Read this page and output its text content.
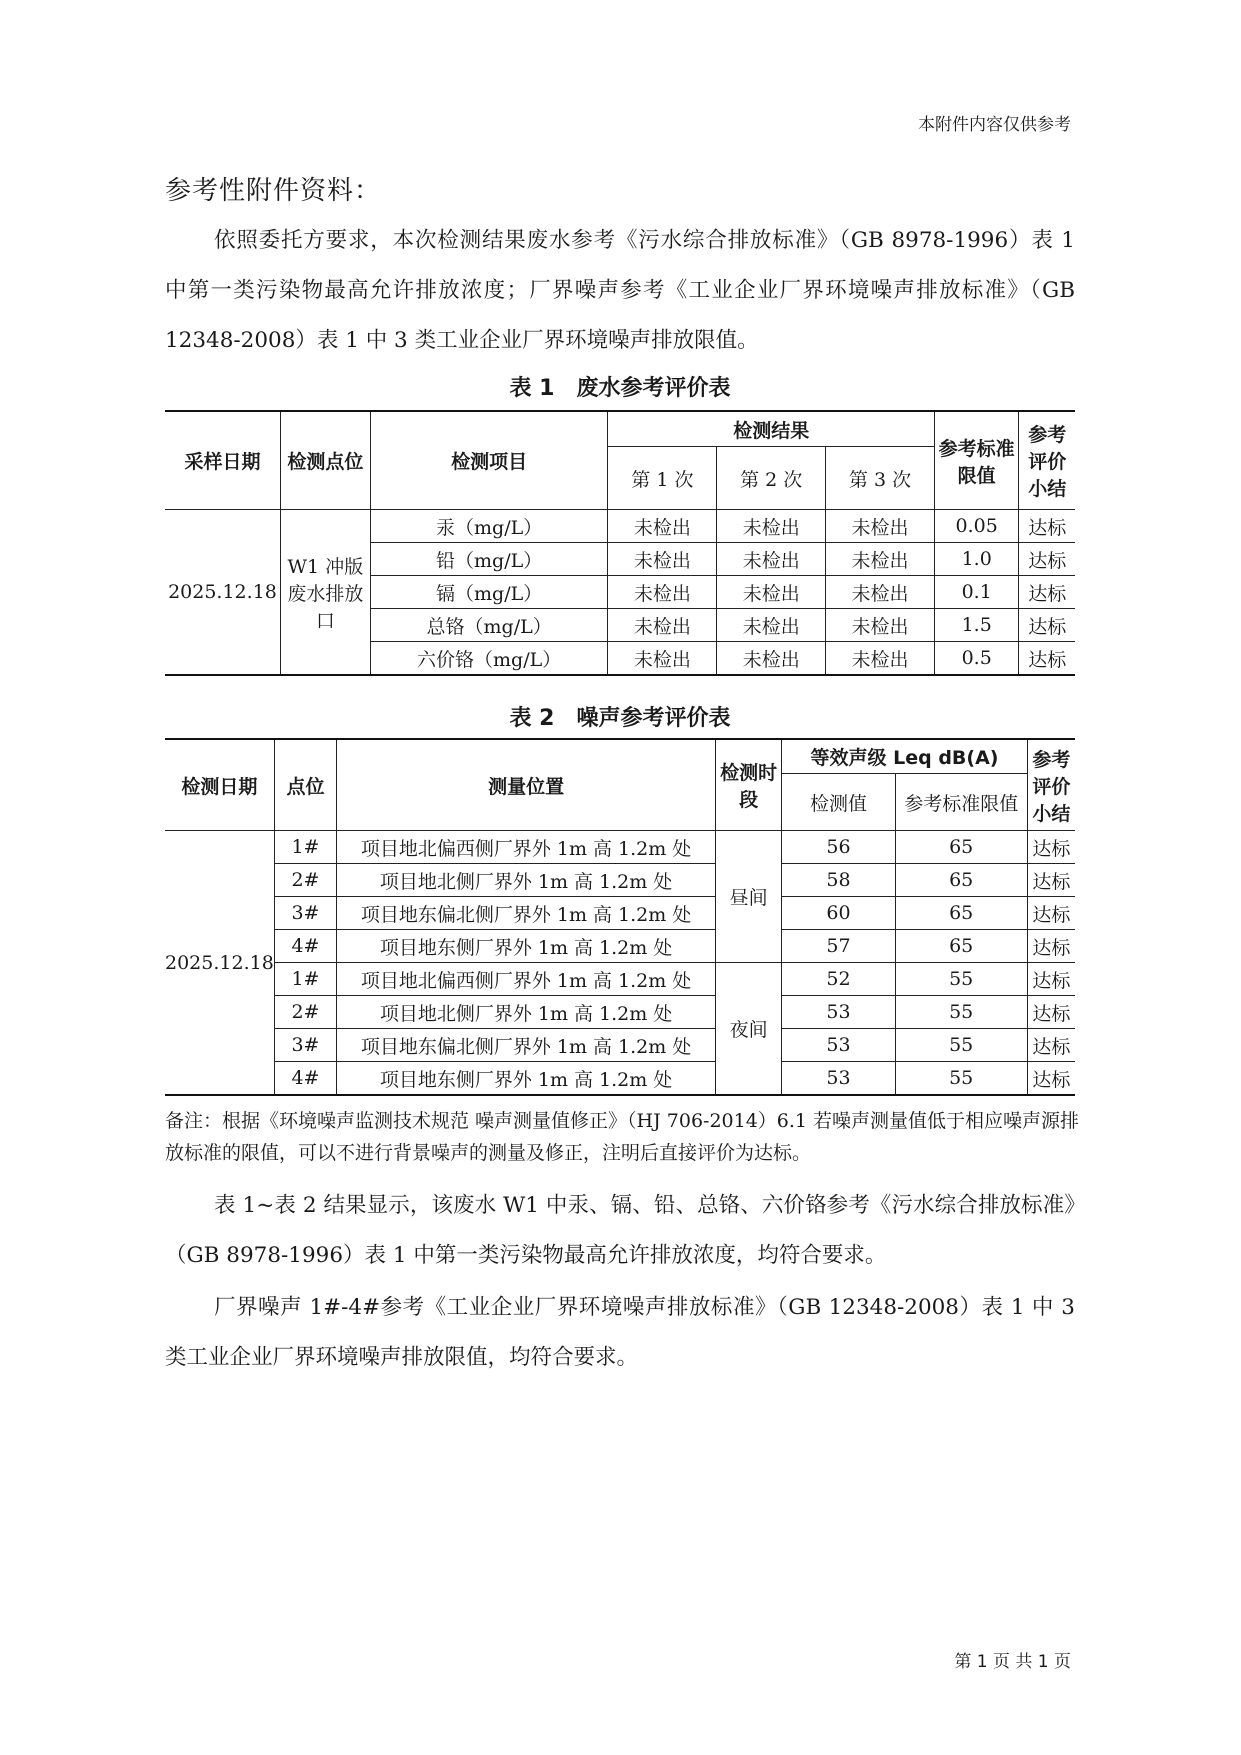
本附件内容仅供参考
参考性附件资料：
依照委托方要求，本次检测结果废水参考《污水综合排放标准》（GB 8978-1996）表 1 中第一类污染物最高允许排放浓度；厂界噪声参考《工业企业厂界环境噪声排放标准》（GB 12348-2008）表 1 中 3 类工业企业厂界环境噪声排放限值。
表 1　废水参考评价表
采样日期	检测点位	检测项目	检测结果			参考标准限值	参考评价小结
			第 1 次	第 2 次	第 3 次		
2025.12.18	W1 冲版废水排放口	汞（mg/L）	未检出	未检出	未检出	0.05	达标
		铅（mg/L）	未检出	未检出	未检出	1.0	达标
		镉（mg/L）	未检出	未检出	未检出	0.1	达标
		总铬（mg/L）	未检出	未检出	未检出	1.5	达标
		六价铬（mg/L）	未检出	未检出	未检出	0.5	达标
表 2　噪声参考评价表
检测日期	点位	测量位置	检测时段	等效声级 Leq dB(A)		参考评价小结
				检测值	参考标准限值	
2025.12.18	1#	项目地北偏西侧厂界外 1m 高 1.2m 处	昼间	56	65	达标
	2#	项目地北侧厂界外 1m 高 1.2m 处		58	65	达标
	3#	项目地东偏北侧厂界外 1m 高 1.2m 处		60	65	达标
	4#	项目地东侧厂界外 1m 高 1.2m 处		57	65	达标
	1#	项目地北偏西侧厂界外 1m 高 1.2m 处	夜间	52	55	达标
	2#	项目地北侧厂界外 1m 高 1.2m 处		53	55	达标
	3#	项目地东偏北侧厂界外 1m 高 1.2m 处		53	55	达标
	4#	项目地东侧厂界外 1m 高 1.2m 处		53	55	达标
备注：根据《环境噪声监测技术规范 噪声测量值修正》（HJ 706-2014）6.1 若噪声测量值低于相应噪声源排放标准的限值，可以不进行背景噪声的测量及修正，注明后直接评价为达标。
表 1~表 2 结果显示，该废水 W1 中汞、镉、铅、总铬、六价铬参考《污水综合排放标准》（GB 8978-1996）表 1 中第一类污染物最高允许排放浓度，均符合要求。
厂界噪声 1#-4#参考《工业企业厂界环境噪声排放标准》（GB 12348-2008）表 1 中 3 类工业企业厂界环境噪声排放限值，均符合要求。
第 1 页 共 1 页
